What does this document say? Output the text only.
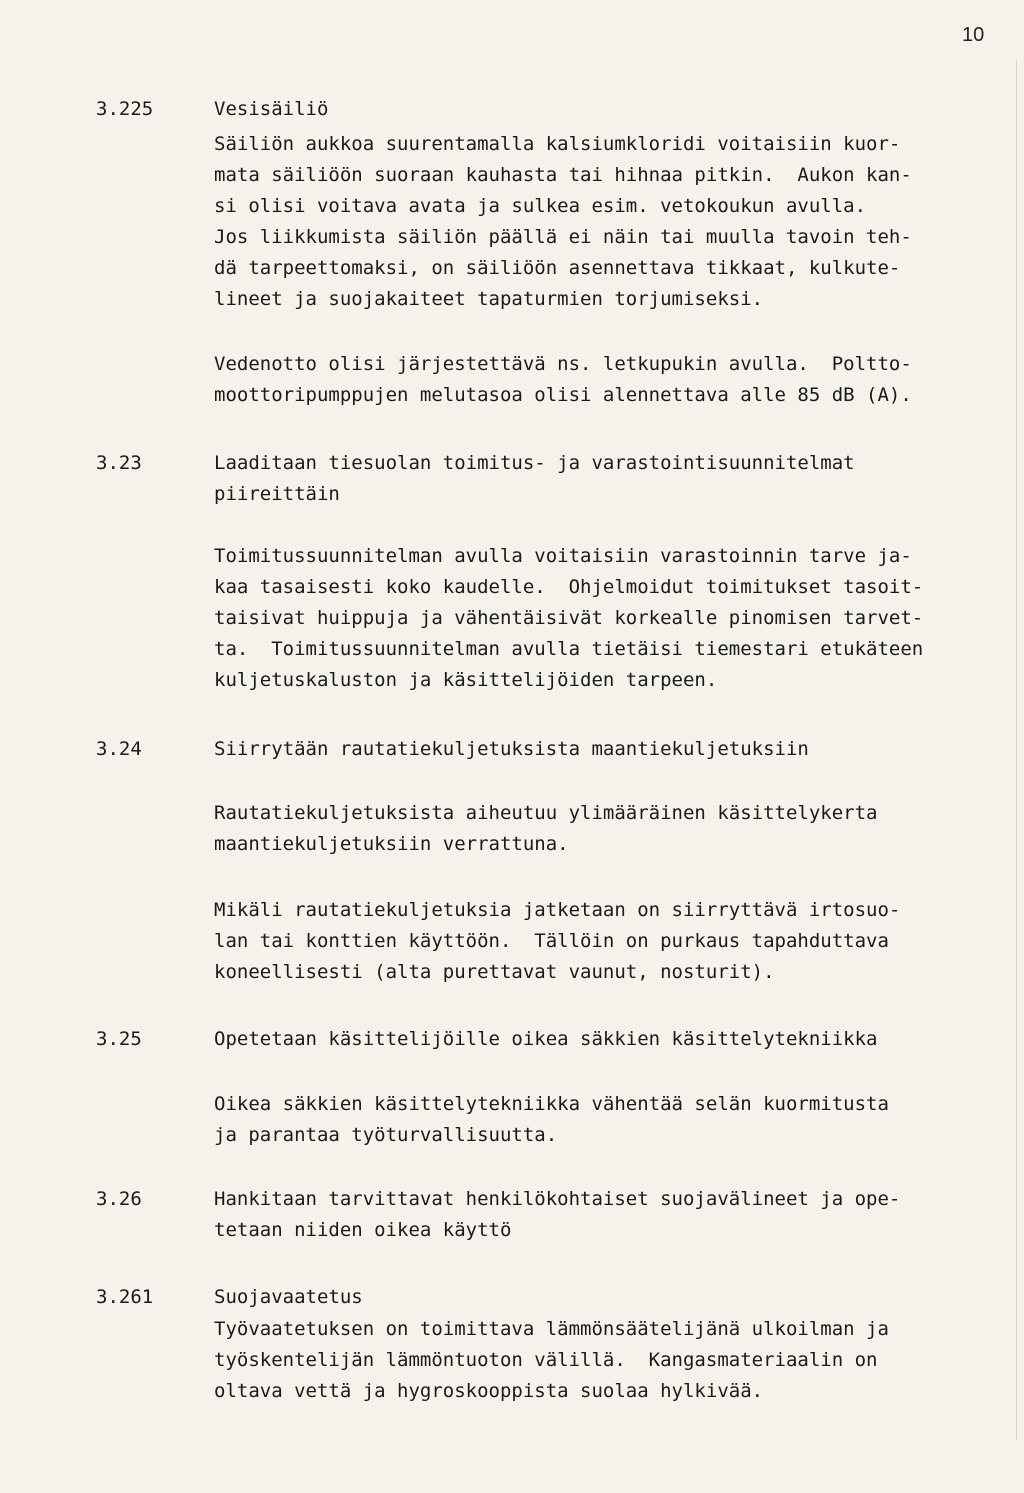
10
3.225	Vesisäiliö
Säiliön aukkoa suurentamalla kalsiumkloridi voitaisiin kuor-
mata säiliöön suoraan kauhasta tai hihnaa pitkin.  Aukon kan-
si olisi voitava avata ja sulkea esim. vetokoukun avulla.
Jos liikkumista säiliön päällä ei näin tai muulla tavoin teh-
dä tarpeettomaksi, on säiliöön asennettava tikkaat, kulkute-
lineet ja suojakaiteet tapaturmien torjumiseksi.
Vedenotto olisi järjestettävä ns. letkupukin avulla.  Poltto-
moottoripumppujen melutasoa olisi alennettava alle 85 dB (A).
3.23	Laaditaan tiesuolan toimitus- ja varastointisuunnitelmat
piireittäin
Toimitussuunnitelman avulla voitaisiin varastoinnin tarve ja-
kaa tasaisesti koko kaudelle.  Ohjelmoidut toimitukset tasoit-
taisivat huippuja ja vähentäisivät korkealle pinomisen tarvet-
ta.  Toimitussuunnitelman avulla tietäisi tiemestari etukäteen
kuljetuskaluston ja käsittelijöiden tarpeen.
3.24	Siirrytään rautatiekuljetuksista maantiekuljetuksiin
Rautatiekuljetuksista aiheutuu ylimääräinen käsittelykerta
maantiekuljetuksiin verrattuna.
Mikäli rautatiekuljetuksia jatketaan on siirryttävä irtosuo-
lan tai konttien käyttöön.  Tällöin on purkaus tapahduttava
koneellisesti (alta purettavat vaunut, nosturit).
3.25	Opetetaan käsittelijöille oikea säkkien käsittelytekniikka
Oikea säkkien käsittelytekniikka vähentää selän kuormitusta
ja parantaa työturvallisuutta.
3.26	Hankitaan tarvittavat henkilökohtaiset suojavälineet ja ope-
tetaan niiden oikea käyttö
3.261	Suojavaatetus
Työvaatetuksen on toimittava lämmönsäätelijänä ulkoilman ja
työskentelijän lämmöntuoton välillä.  Kangasmateriaalin on
oltava vettä ja hygroskooppista suolaa hylkivää.
